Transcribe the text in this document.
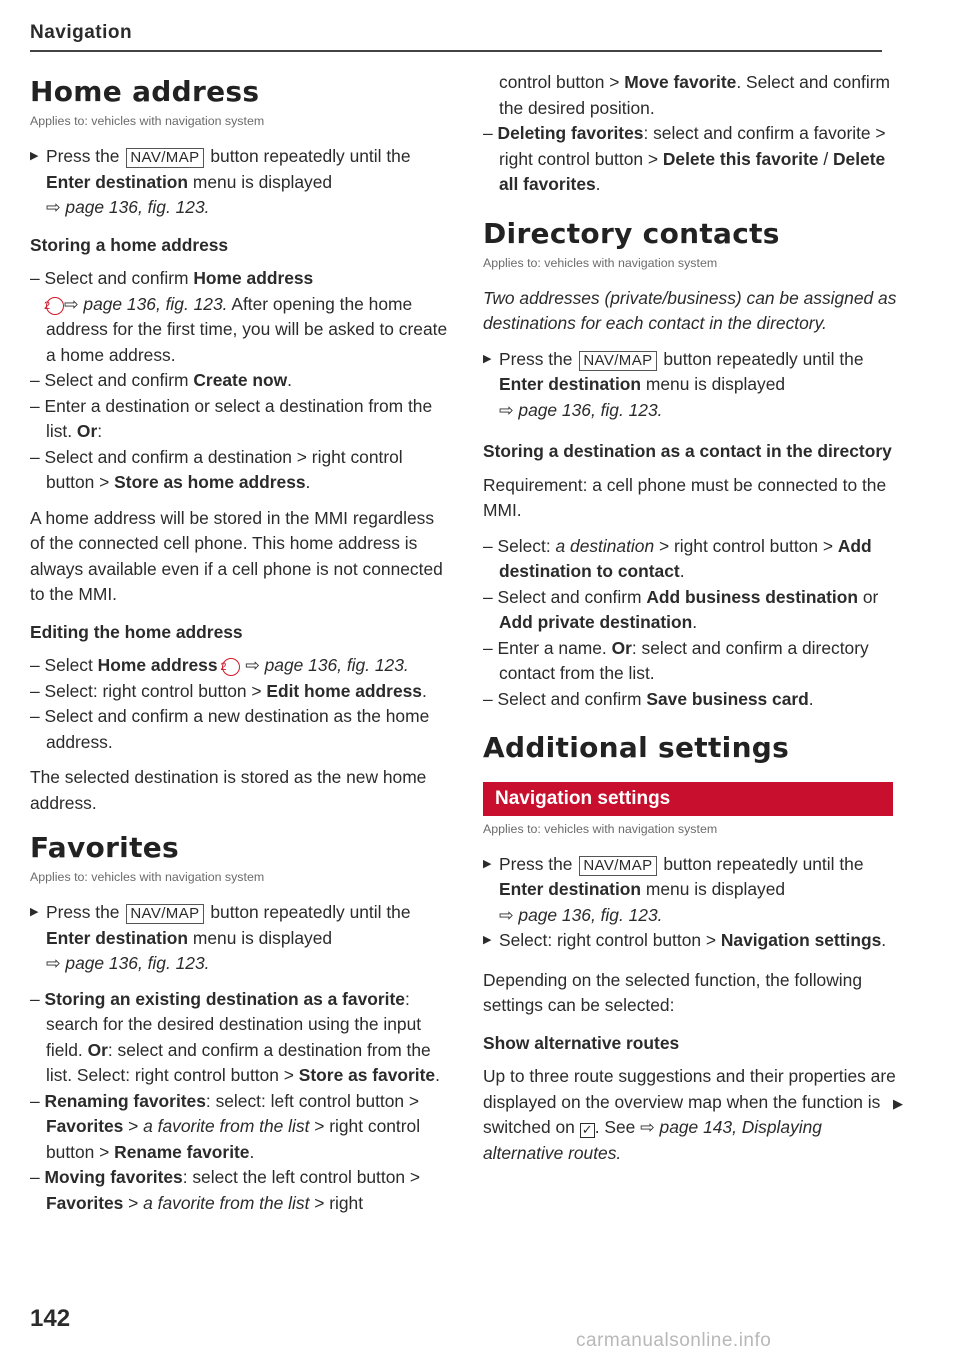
Navigation
Home address
Applies to: vehicles with navigation system

▶ Press the NAV/MAP button repeatedly until the Enter destination menu is displayed
⇨ page 136, fig. 123.

Storing a home address

– Select and confirm Home address
2 ⇨ page 136, fig. 123. After opening the home address for the first time, you will be asked to create a home address.

– Select and confirm Create now.

– Enter a destination or select a destination from the list. Or:

– Select and confirm a destination > right control button > Store as home address.

A home address will be stored in the MMI regardless of the connected cell phone. This home address is always available even if a cell phone is not connected to the MMI.

Editing the home address

– Select Home address 2 ⇨ page 136, fig. 123.

– Select: right control button > Edit home address.

– Select and confirm a new destination as the home address.

The selected destination is stored as the new home address.

Favorites
Applies to: vehicles with navigation system

▶ Press the NAV/MAP button repeatedly until the Enter destination menu is displayed
⇨ page 136, fig. 123.

– Storing an existing destination as a favorite: search for the desired destination using the input field. Or: select and confirm a destination from the list. Select: right control button > Store as favorite.

– Renaming favorites: select: left control button > Favorites > a favorite from the list > right control button > Rename favorite.

– Moving favorites: select the left control button > Favorites > a favorite from the list > right

control button > Move favorite. Select and confirm the desired position.

– Deleting favorites: select and confirm a favorite > right control button > Delete this favorite / Delete all favorites.

Directory contacts
Applies to: vehicles with navigation system

Two addresses (private/business) can be assigned as destinations for each contact in the directory.

▶ Press the NAV/MAP button repeatedly until the Enter destination menu is displayed
⇨ page 136, fig. 123.

Storing a destination as a contact in the directory

Requirement: a cell phone must be connected to the MMI.

– Select: a destination > right control button > Add destination to contact.

– Select and confirm Add business destination or Add private destination.

– Enter a name. Or: select and confirm a directory contact from the list.

– Select and confirm Save business card.

Additional settings
Navigation settings
Applies to: vehicles with navigation system

▶ Press the NAV/MAP button repeatedly until the Enter destination menu is displayed
⇨ page 136, fig. 123.

▶ Select: right control button > Navigation settings.

Depending on the selected function, the following settings can be selected:

Show alternative routes

Up to three route suggestions and their properties are displayed on the overview map when the function is switched on ✓ . See ⇨ page 143, Displaying alternative routes.
▶

142
carmanualsonline.info
